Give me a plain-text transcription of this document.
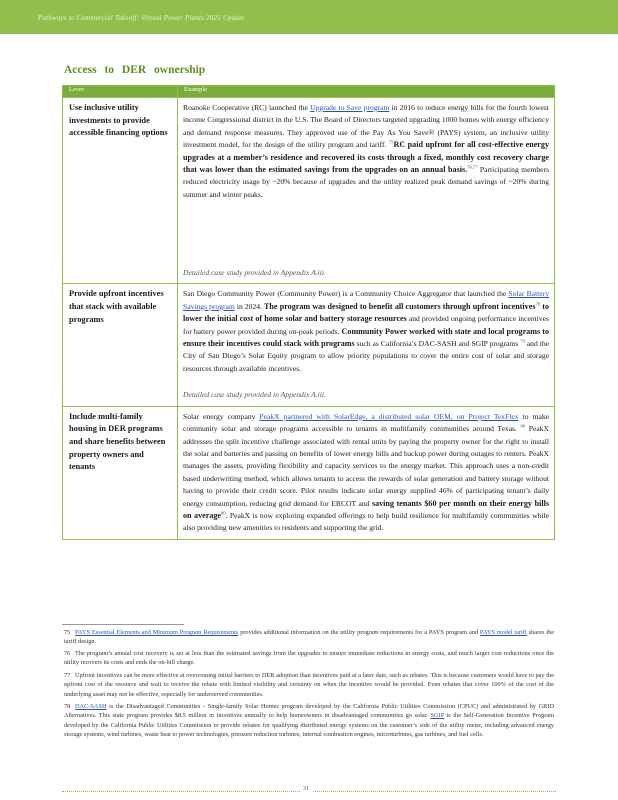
Pathways to Commercial Takeoff: Virtual Power Plants 2025 Update
Access to DER ownership
Lever	Example
Use inclusive utility investments to provide accessible financing options	Roanoke Cooperative (RC) launched the Upgrade to Save program in 2016 to reduce energy bills for the fourth lowest income Congressional district in the U.S. The Board of Directors targeted upgrading 1000 homes with energy efficiency and demand response measures. They approved use of the Pay As You Save® (PAYS) system, an inclusive utility investment model, for the design of the utility program and tariff. $^{75}$RC paid upfront for all cost-effective energy upgrades at a member’s residence and recovered its costs through a fixed, monthly cost recovery charge that was lower than the estimated savings from the upgrades on an annual basis.$^{76,77}$ Participating members reduced electricity usage by ~20% because of upgrades and the utility realized peak demand savings of ~20% during summer and winter peaks.
Detailed case study provided in Appendix A.iii.

Provide upfront incentives that stack with available programs	San Diego Community Power (Community Power) is a Community Choice Aggregator that launched the Solar Battery Savings program in 2024. The program was designed to benefit all customers through upfront incentives$^{78}$ to lower the initial cost of home solar and battery storage resources and provided ongoing performance incentives for battery power provided during on-peak periods. Community Power worked with state and local programs to ensure their incentives could stack with programs such as California’s DAC-SASH and SGIP programs $^{79}$ and the City of San Diego’s Solar Equity program to allow priority populations to cover the entire cost of solar and storage resources through available incentives.
Detailed case study provided in Appendix A.iii.

Include multi-family housing in DER programs and share benefits between property owners and tenants	Solar energy company PeakX partnered with SolarEdge, a distributed solar OEM, on Project TexFlex to make community solar and storage programs accessible to tenants in multifamily communities around Texas. $^{80}$ PeakX addresses the split incentive challenge associated with rental units by paying the property owner for the right to install the solar and batteries and passing on benefits of lower energy bills and backup power during outages to renters. PeakX manages the assets, providing flexibility and capacity services to the energy market. This approach uses a non-credit based underwriting method, which allows tenants to access the rewards of solar generation and battery storage without having to provide their credit score. Pilot results indicate solar energy supplied 46% of participating tenant’s daily energy consumption, reducing grid demand for ERCOT and saving tenants $60 per month on their energy bills on average$^{80}$. PeakX is now exploring expanded offerings to help build resilience for multifamily communities while also providing new amenities to residents and supporting the grid.
75 PAYS Essential Elements and Minimum Program Requirements provides additional information on the utility program requirements for a PAYS program and PAYS model tariff shares the tariff design.
76 The program’s annual cost recovery is set at less than the estimated savings from the upgrades to ensure immediate reductions in energy costs, and much larger cost reductions once the utility recovers its costs and ends the on-bill charge.
77 Upfront incentives can be more effective at overcoming initial barriers to DER adoption than incentives paid at a later date, such as rebates. This is because customers would have to pay the upfront cost of the resource and wait to receive the rebate with limited visibility and certainty on when the incentive would be provided. Even rebates that cover 100% of the cost of the underlying asset may not be effective, especially for underserved communities.
78 DAC-SASH is the Disadvantaged Communities - Single-family Solar Homes program developed by the California Public Utilities Commission (CPUC) and administrated by GRID Alternatives. This state program provides $8.5 million in incentives annually to help homeowners in disadvantaged communities go solar. SGIP is the Self-Generation Incentive Program developed by the California Public Utilities Commission to provide rebates for qualifying distributed energy systems on the customer’s side of the utility meter, including advanced energy storage systems, wind turbines, waste heat to power technologies, pressure reduction turbines, internal combustion engines, microturbines, gas turbines, and fuel cells.
31
